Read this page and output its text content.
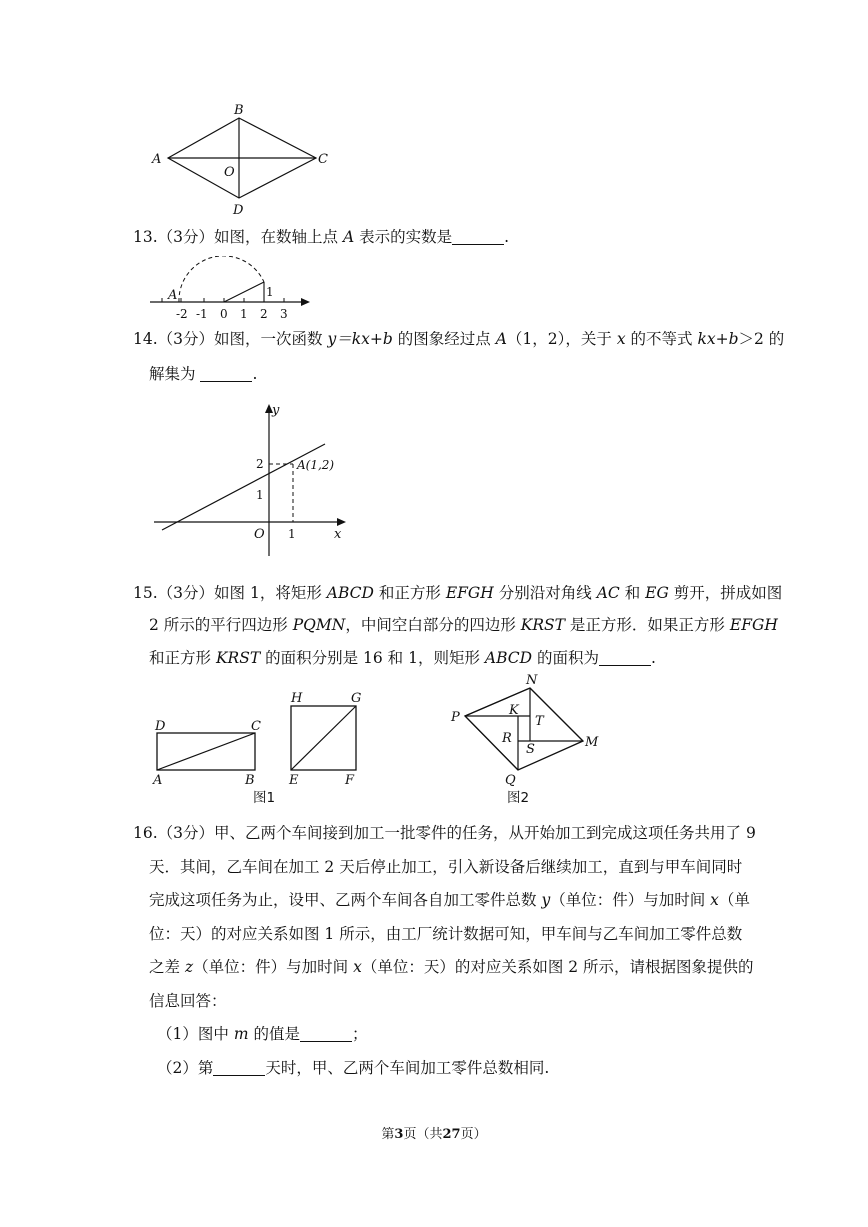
A
B
C
D
O
13.（3分）如图，在数轴上点 A 表示的实数是	.
A	1
-2 -1 0 1 2 3
14.（3分）如图，一次函数 y＝kx+b 的图象经过点 A（1，2），关于 x 的不等式 kx+b＞2 的
解集为	.
y
x
O 1
1
2	A(1,2)
15.（3分）如图 1，将矩形 ABCD 和正方形 EFGH 分别沿对角线 AC 和 EG 剪开，拼成如图
2 所示的平行四边形 PQMN，中间空白部分的四边形 KRST 是正方形．如果正方形 EFGH
和正方形 KRST 的面积分别是 16 和 1，则矩形 ABCD 的面积为	.
D	C
A	B
图1
H	G
E	F
P
N
M
Q
K
T
R
S
图2
16.（3分）甲、乙两个车间接到加工一批零件的任务，从开始加工到完成这项任务共用了 9
天．其间，乙车间在加工 2 天后停止加工，引入新设备后继续加工，直到与甲车间同时
完成这项任务为止，设甲、乙两个车间各自加工零件总数 y（单位：件）与加时间 x（单
位：天）的对应关系如图 1 所示，由工厂统计数据可知，甲车间与乙车间加工零件总数
之差 z（单位：件）与加时间 x（单位：天）的对应关系如图 2 所示，请根据图象提供的
信息回答：
（1）图中 m 的值是	；
（2）第	天时，甲、乙两个车间加工零件总数相同.
第3页（共27页）
